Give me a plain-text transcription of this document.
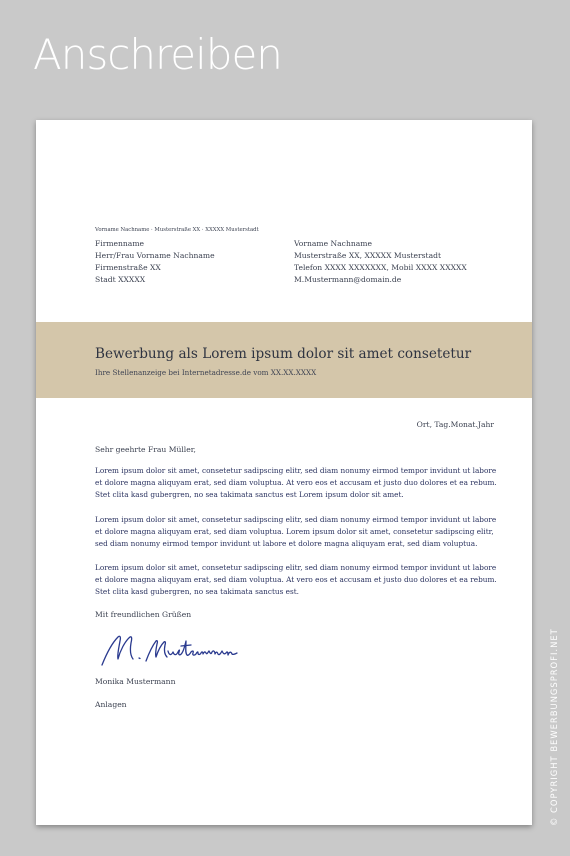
Anschreiben
Vorname Nachname · Musterstraße XX · XXXXX Musterstadt
Firmenname
Herr/Frau Vorname Nachname
Firmenstraße XX
Stadt XXXXX
Vorname Nachname
Musterstraße XX, XXXXX Musterstadt
Telefon XXXX XXXXXXX, Mobil XXXX XXXXX
M.Mustermann@domain.de
Bewerbung als Lorem ipsum dolor sit amet consetetur
Ihre Stellenanzeige bei Internetadresse.de vom XX.XX.XXXX
Ort, Tag.Monat.Jahr
Sehr geehrte Frau Müller,
Lorem ipsum dolor sit amet, consetetur sadipscing elitr, sed diam nonumy eirmod tempor invidunt ut labore
et dolore magna aliquyam erat, sed diam voluptua. At vero eos et accusam et justo duo dolores et ea rebum.
Stet clita kasd gubergren, no sea takimata sanctus est Lorem ipsum dolor sit amet.
Lorem ipsum dolor sit amet, consetetur sadipscing elitr, sed diam nonumy eirmod tempor invidunt ut labore
et dolore magna aliquyam erat, sed diam voluptua. Lorem ipsum dolor sit amet, consetetur sadipscing elitr,
sed diam nonumy eirmod tempor invidunt ut labore et dolore magna aliquyam erat, sed diam voluptua.
Lorem ipsum dolor sit amet, consetetur sadipscing elitr, sed diam nonumy eirmod tempor invidunt ut labore
et dolore magna aliquyam erat, sed diam voluptua. At vero eos et accusam et justo duo dolores et ea rebum.
Stet clita kasd gubergren, no sea takimata sanctus est.
Mit freundlichen Grüßen
Monika Mustermann
Anlagen	© COPYRIGHT BEWERBUNGSPROFI.NET
